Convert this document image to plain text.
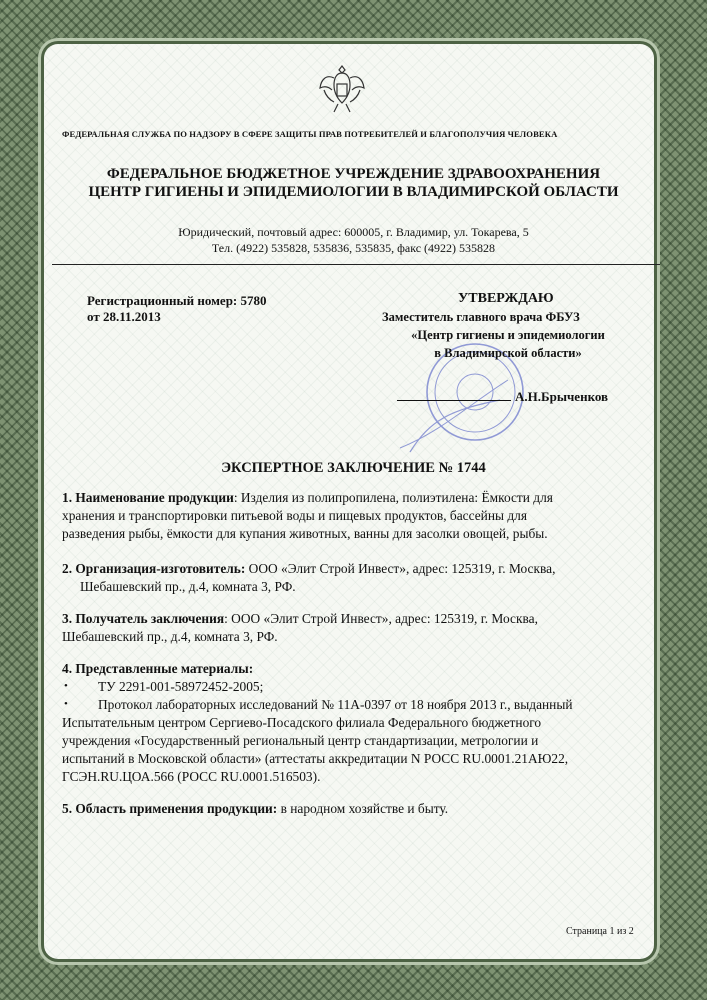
ФЕДЕРАЛЬНАЯ СЛУЖБА ПО НАДЗОРУ В СФЕРЕ ЗАЩИТЫ ПРАВ ПОТРЕБИТЕЛЕЙ И БЛАГОПОЛУЧИЯ ЧЕЛОВЕКА
ФЕДЕРАЛЬНОЕ БЮДЖЕТНОЕ УЧРЕЖДЕНИЕ ЗДРАВООХРАНЕНИЯ
ЦЕНТР ГИГИЕНЫ И ЭПИДЕМИОЛОГИИ В ВЛАДИМИРСКОЙ ОБЛАСТИ
Юридический, почтовый адрес: 600005, г. Владимир, ул. Токарева, 5
Тел. (4922) 535828, 535836, 535835, факс (4922) 535828
Регистрационный номер: 5780
от 28.11.2013
УТВЕРЖДАЮ
Заместитель главного врача ФБУЗ
«Центр гигиены и эпидемиологии
в Владимирской области»
А.Н.Брыченков
ЭКСПЕРТНОЕ ЗАКЛЮЧЕНИЕ № 1744
1. Наименование продукции: Изделия из полипропилена, полиэтилена: Ёмкости для
хранения и транспортировки питьевой воды и пищевых продуктов, бассейны для
разведения рыбы, ёмкости для купания животных, ванны для засолки овощей, рыбы.
2. Организация-изготовитель: ООО «Элит Строй Инвест», адрес: 125319, г. Москва,
Шебашевский пр., д.4, комната 3, РФ.
3. Получатель заключения: ООО «Элит Строй Инвест», адрес: 125319, г. Москва,
Шебашевский пр., д.4, комната 3, РФ.
4. Представленные материалы:
ТУ 2291-001-58972452-2005;
Протокол лабораторных исследований № 11А-0397 от 18 ноября 2013 г., выданный
Испытательным центром Сергиево-Посадского филиала Федерального бюджетного
учреждения «Государственный региональный центр стандартизации, метрологии и
испытаний в Московской области» (аттестаты аккредитации N РОСС RU.0001.21АЮ22,
ГСЭН.RU.ЦОА.566 (РОСС RU.0001.516503).
•
•
5. Область применения продукции: в народном хозяйстве и быту.
Страница 1 из 2
